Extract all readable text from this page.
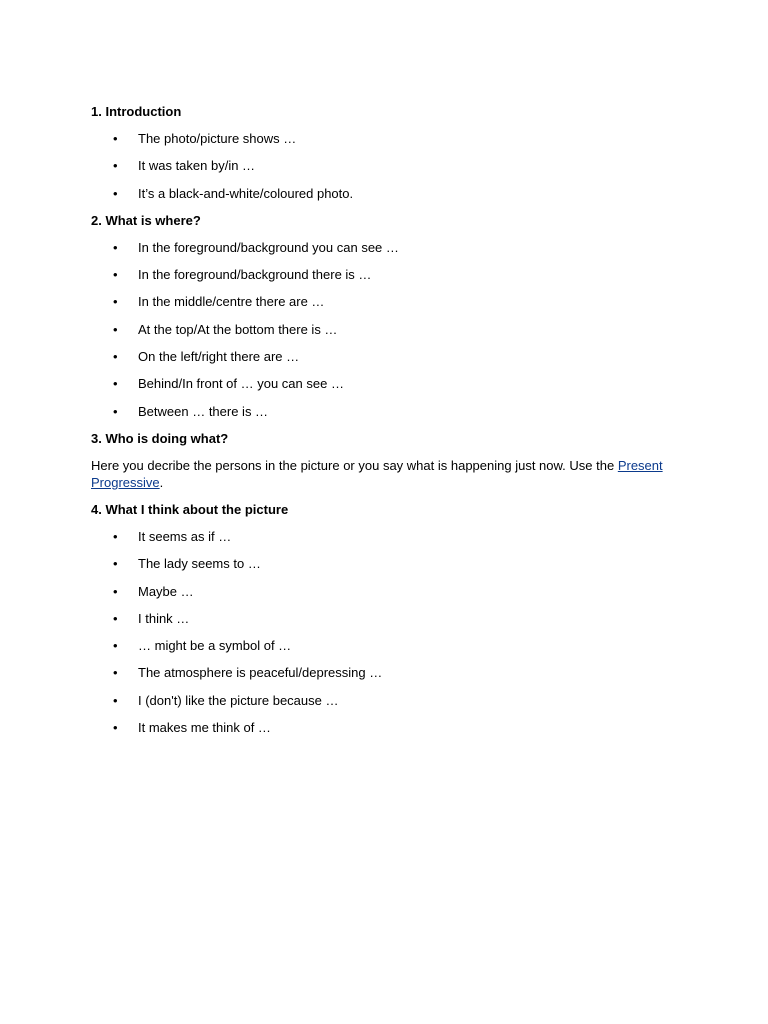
1. Introduction
• The photo/picture shows …
• It was taken by/in …
• It’s a black-and-white/coloured photo.
2. What is where?
• In the foreground/background you can see …
• In the foreground/background there is …
• In the middle/centre there are …
• At the top/At the bottom there is …
• On the left/right there are …
• Behind/In front of … you can see …
• Between … there is …
3. Who is doing what?

Here you decribe the persons in the picture or you say what is happening just now. Use the Present Progressive.

4. What I think about the picture
• It seems as if …
• The lady seems to …
• Maybe …
• I think …
• … might be a symbol of …
• The atmosphere is peaceful/depressing …
• I (don't) like the picture because …
• It makes me think of …
